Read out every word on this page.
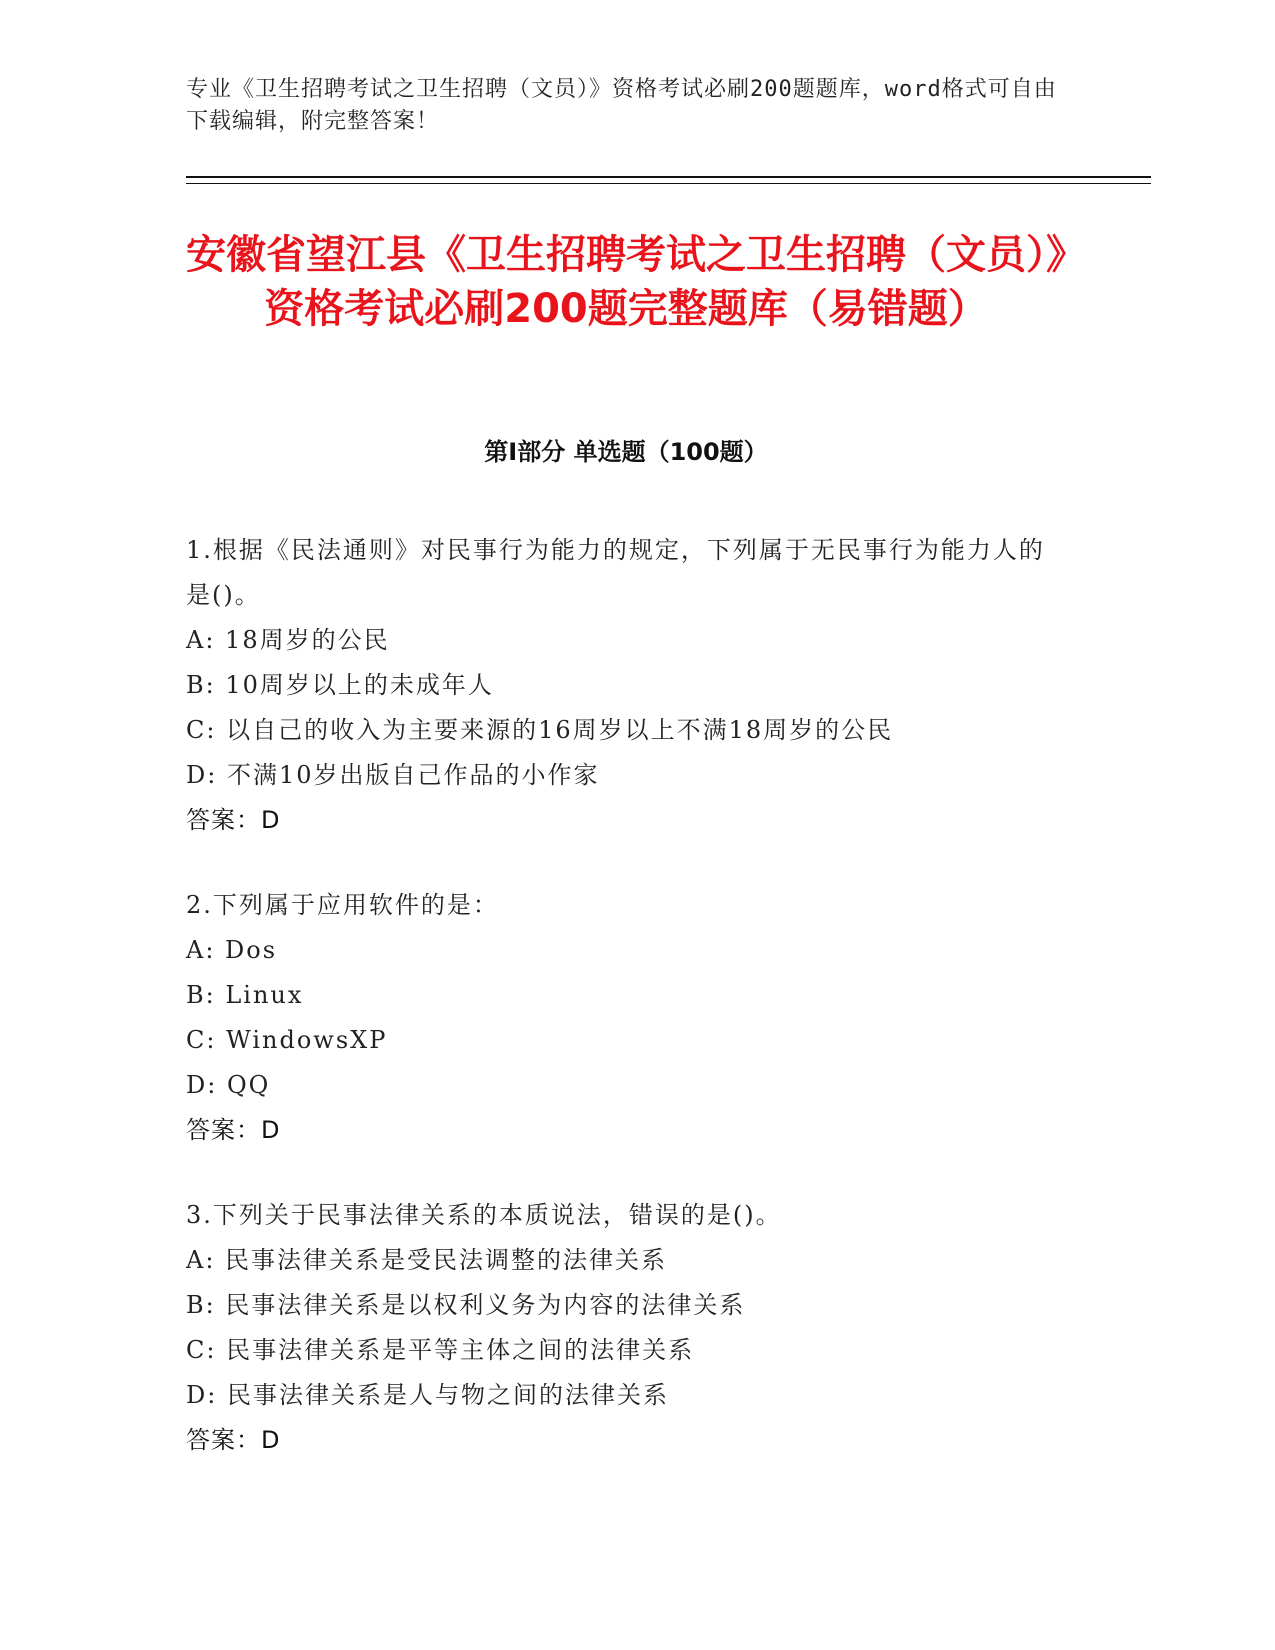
专业《卫生招聘考试之卫生招聘（文员）》资格考试必刷200题题库，word格式可自由下载编辑，附完整答案！
安徽省望江县《卫生招聘考试之卫生招聘（文员）》资格考试必刷200题完整题库（易错题）
第I部分 单选题（100题）
1.根据《民法通则》对民事行为能力的规定，下列属于无民事行为能力人的是()。
A: 18周岁的公民
B: 10周岁以上的未成年人
C: 以自己的收入为主要来源的16周岁以上不满18周岁的公民
D: 不满10岁出版自己作品的小作家
答案：D
2.下列属于应用软件的是：
A: Dos
B: Linux
C: WindowsXP
D: QQ
答案：D
3.下列关于民事法律关系的本质说法，错误的是()。
A: 民事法律关系是受民法调整的法律关系
B: 民事法律关系是以权利义务为内容的法律关系
C: 民事法律关系是平等主体之间的法律关系
D: 民事法律关系是人与物之间的法律关系
答案：D
